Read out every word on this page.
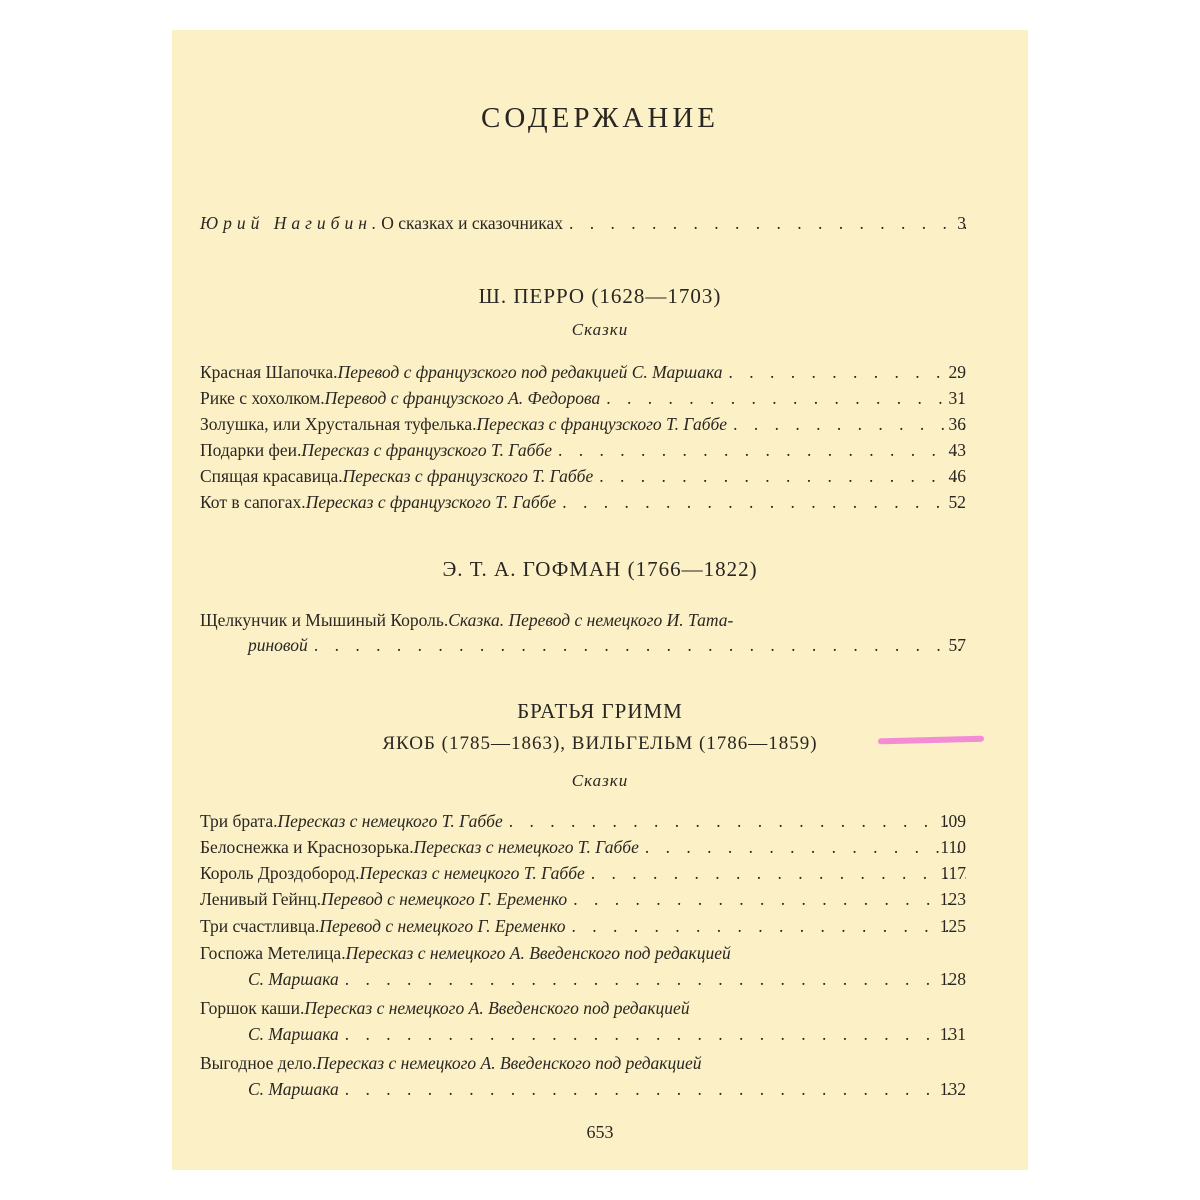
СОДЕРЖАНИЕ
Юрий Нагибин. О сказках и сказочниках . . .	3
Ш. ПЕРРО (1628—1703)
Сказки
Красная Шапочка. Перевод с французского под редакцией С. Маршака . . .	29
Рике с хохолком. Перевод с французского А. Федорова . . .	31
Золушка, или Хрустальная туфелька. Пересказ с французского Т. Габбе . . .	36
Подарки феи. Пересказ с французского Т. Габбе . . .	43
Спящая красавица. Пересказ с французского Т. Габбе . . .	46
Кот в сапогах. Пересказ с французского Т. Габбе . . .	52
Э. Т. А. ГОФМАН (1766—1822)
Щелкунчик и Мышиный Король. Сказка. Перевод с немецкого И. Тата-
риновой . . .	57
БРАТЬЯ ГРИММ
ЯКОБ (1785—1863), ВИЛЬГЕЛЬМ (1786—1859)
Сказки
Три брата. Пересказ с немецкого Т. Габбе . . .	109
Белоснежка и Краснозорька. Пересказ с немецкого Т. Габбе . . .	110
Король Дроздобород. Пересказ с немецкого Т. Габбе . . .	117
Ленивый Гейнц. Перевод с немецкого Г. Еременко . . .	123
Три счастливца. Перевод с немецкого Г. Еременко . . .	125
Госпожа Метелица. Пересказ с немецкого А. Введенского под редакцией
С. Маршака . . .	128
Горшок каши. Пересказ с немецкого А. Введенского под редакцией
С. Маршака . . .	131
Выгодное дело. Пересказ с немецкого А. Введенского под редакцией
С. Маршака . . .	132
653
